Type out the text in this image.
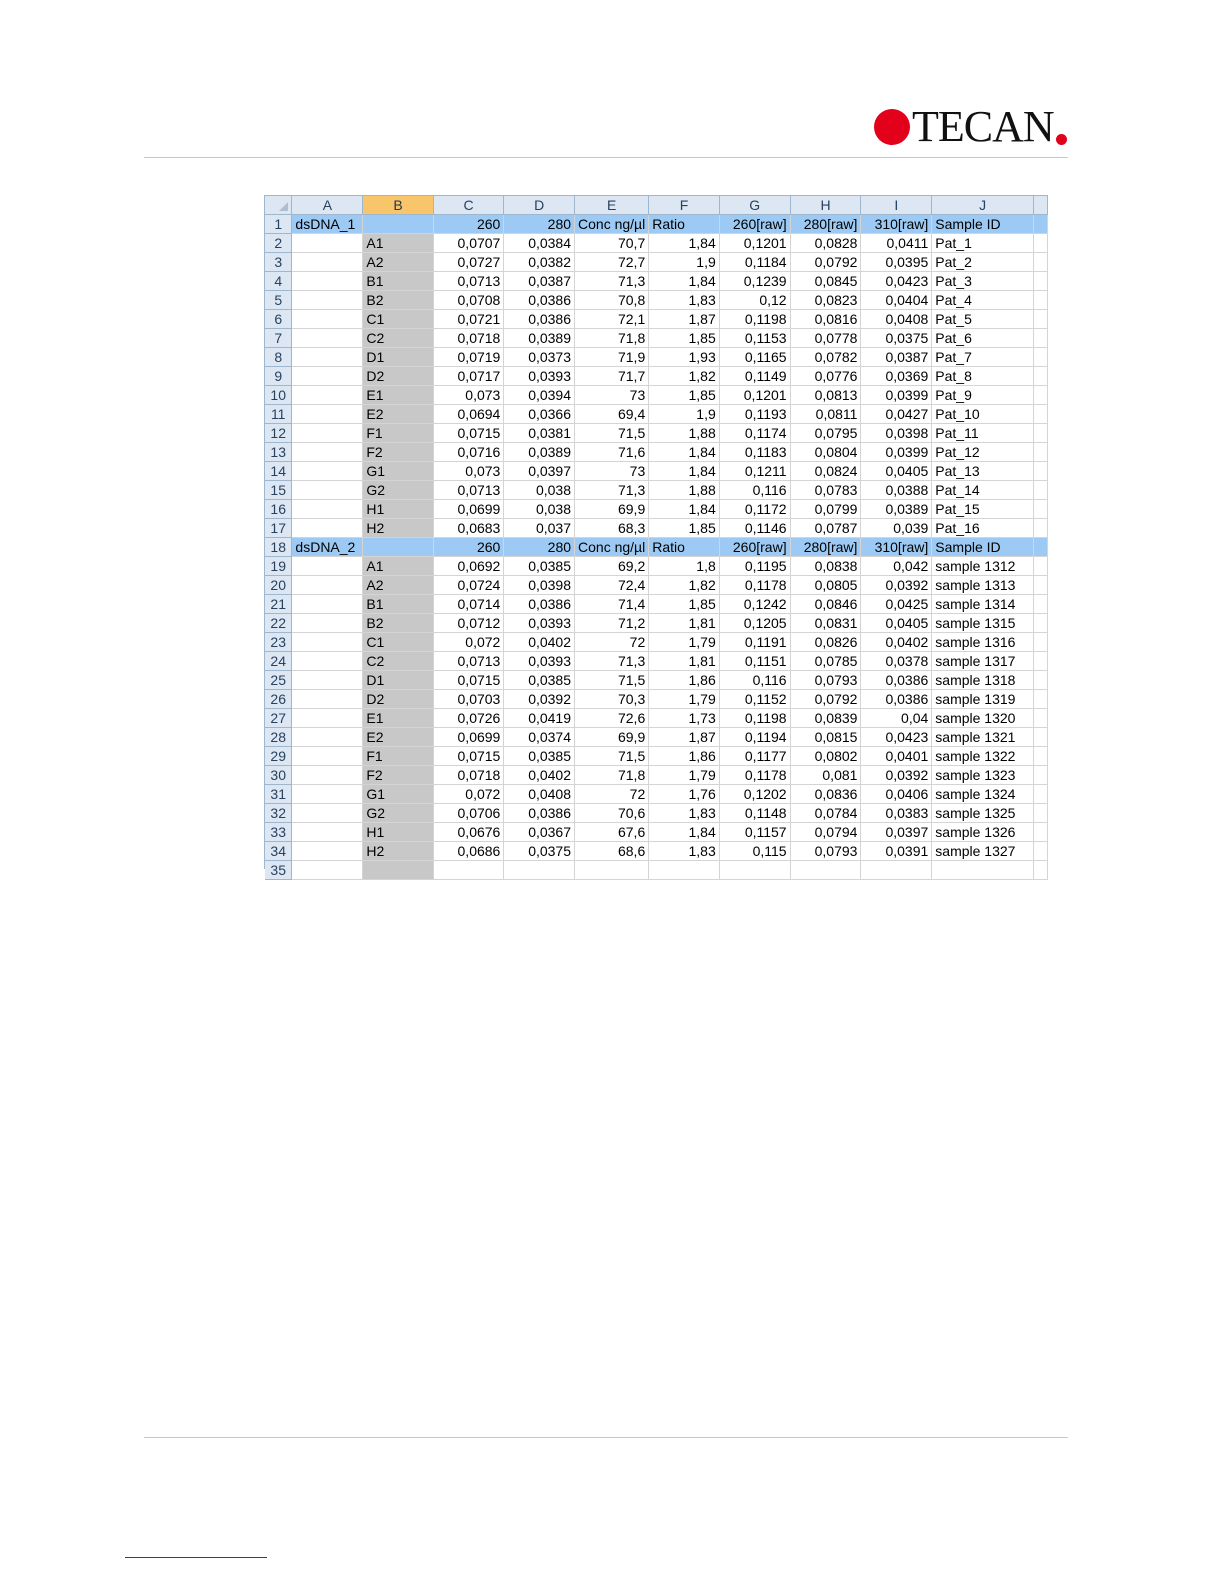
TECAN
	A	B	C	D	E	F	G	H	I	J	
1	dsDNA_1		260	280	Conc ng/µl	Ratio	260[raw]	280[raw]	310[raw]	Sample ID	
2		A1	0,0707	0,0384	70,7	1,84	0,1201	0,0828	0,0411	Pat_1	
3		A2	0,0727	0,0382	72,7	1,9	0,1184	0,0792	0,0395	Pat_2	
4		B1	0,0713	0,0387	71,3	1,84	0,1239	0,0845	0,0423	Pat_3	
5		B2	0,0708	0,0386	70,8	1,83	0,12	0,0823	0,0404	Pat_4	
6		C1	0,0721	0,0386	72,1	1,87	0,1198	0,0816	0,0408	Pat_5	
7		C2	0,0718	0,0389	71,8	1,85	0,1153	0,0778	0,0375	Pat_6	
8		D1	0,0719	0,0373	71,9	1,93	0,1165	0,0782	0,0387	Pat_7	
9		D2	0,0717	0,0393	71,7	1,82	0,1149	0,0776	0,0369	Pat_8	
10		E1	0,073	0,0394	73	1,85	0,1201	0,0813	0,0399	Pat_9	
11		E2	0,0694	0,0366	69,4	1,9	0,1193	0,0811	0,0427	Pat_10	
12		F1	0,0715	0,0381	71,5	1,88	0,1174	0,0795	0,0398	Pat_11	
13		F2	0,0716	0,0389	71,6	1,84	0,1183	0,0804	0,0399	Pat_12	
14		G1	0,073	0,0397	73	1,84	0,1211	0,0824	0,0405	Pat_13	
15		G2	0,0713	0,038	71,3	1,88	0,116	0,0783	0,0388	Pat_14	
16		H1	0,0699	0,038	69,9	1,84	0,1172	0,0799	0,0389	Pat_15	
17		H2	0,0683	0,037	68,3	1,85	0,1146	0,0787	0,039	Pat_16	
18	dsDNA_2		260	280	Conc ng/µl	Ratio	260[raw]	280[raw]	310[raw]	Sample ID	
19		A1	0,0692	0,0385	69,2	1,8	0,1195	0,0838	0,042	sample 1312	
20		A2	0,0724	0,0398	72,4	1,82	0,1178	0,0805	0,0392	sample 1313	
21		B1	0,0714	0,0386	71,4	1,85	0,1242	0,0846	0,0425	sample 1314	
22		B2	0,0712	0,0393	71,2	1,81	0,1205	0,0831	0,0405	sample 1315	
23		C1	0,072	0,0402	72	1,79	0,1191	0,0826	0,0402	sample 1316	
24		C2	0,0713	0,0393	71,3	1,81	0,1151	0,0785	0,0378	sample 1317	
25		D1	0,0715	0,0385	71,5	1,86	0,116	0,0793	0,0386	sample 1318	
26		D2	0,0703	0,0392	70,3	1,79	0,1152	0,0792	0,0386	sample 1319	
27		E1	0,0726	0,0419	72,6	1,73	0,1198	0,0839	0,04	sample 1320	
28		E2	0,0699	0,0374	69,9	1,87	0,1194	0,0815	0,0423	sample 1321	
29		F1	0,0715	0,0385	71,5	1,86	0,1177	0,0802	0,0401	sample 1322	
30		F2	0,0718	0,0402	71,8	1,79	0,1178	0,081	0,0392	sample 1323	
31		G1	0,072	0,0408	72	1,76	0,1202	0,0836	0,0406	sample 1324	
32		G2	0,0706	0,0386	70,6	1,83	0,1148	0,0784	0,0383	sample 1325	
33		H1	0,0676	0,0367	67,6	1,84	0,1157	0,0794	0,0397	sample 1326	
34		H2	0,0686	0,0375	68,6	1,83	0,115	0,0793	0,0391	sample 1327	
35											
